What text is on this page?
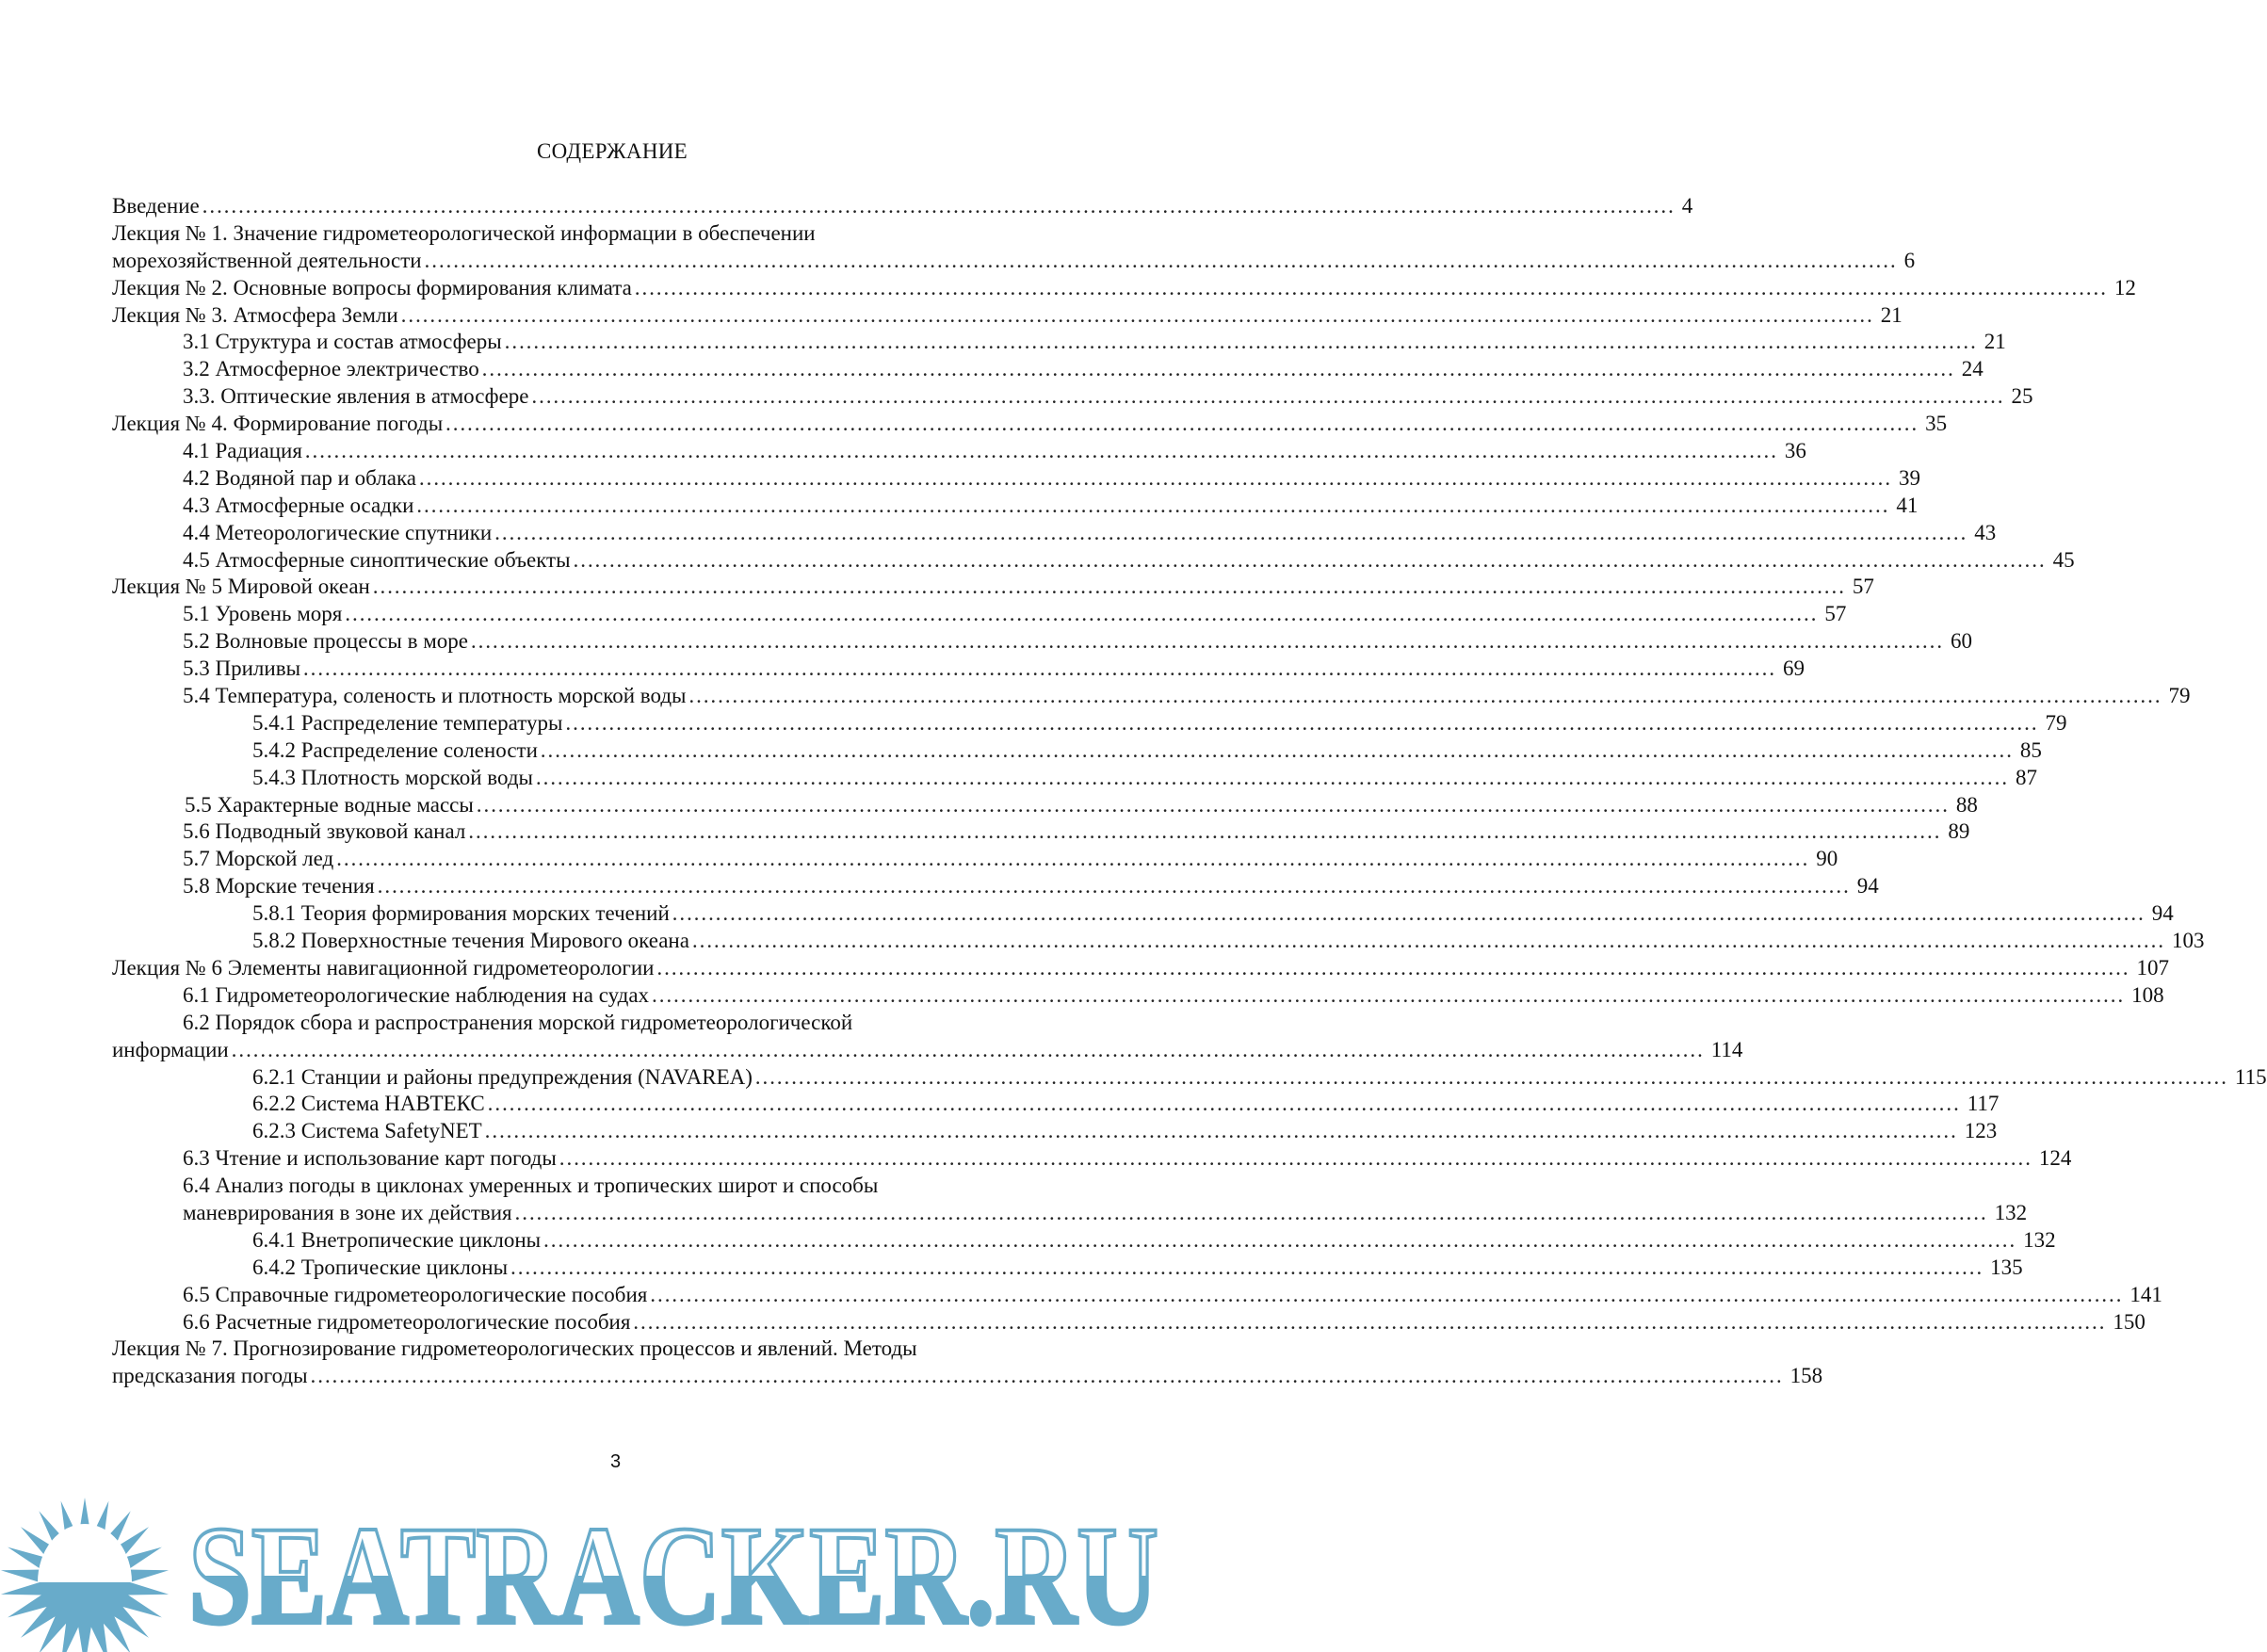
СОДЕРЖАНИЕ
Введение ……………………………………………………………………………………………………………………………………………………………………………………	4
Лекция № 1. Значение гидрометеорологической информации в обеспечении
морехозяйственной деятельности ……………………………………………………………………………………………………………………………………………………………………………………	6
Лекция № 2. Основные вопросы формирования климата ……………………………………………………………………………………………………………………………………………………………………………………	12
Лекция № 3. Атмосфера Земли ……………………………………………………………………………………………………………………………………………………………………………………	21
3.1 Структура и состав атмосферы ……………………………………………………………………………………………………………………………………………………………………………………	21
3.2 Атмосферное электричество ……………………………………………………………………………………………………………………………………………………………………………………	24
3.3. Оптические явления в атмосфере ……………………………………………………………………………………………………………………………………………………………………………………	25
Лекция № 4. Формирование погоды ……………………………………………………………………………………………………………………………………………………………………………………	35
4.1 Радиация ……………………………………………………………………………………………………………………………………………………………………………………	36
4.2 Водяной пар и облака ……………………………………………………………………………………………………………………………………………………………………………………	39
4.3 Атмосферные осадки ……………………………………………………………………………………………………………………………………………………………………………………	41
4.4 Метеорологические спутники ……………………………………………………………………………………………………………………………………………………………………………………	43
4.5 Атмосферные синоптические объекты ……………………………………………………………………………………………………………………………………………………………………………………	45
Лекция № 5 Мировой океан ……………………………………………………………………………………………………………………………………………………………………………………	57
5.1 Уровень моря ……………………………………………………………………………………………………………………………………………………………………………………	57
5.2 Волновые процессы в море ……………………………………………………………………………………………………………………………………………………………………………………	60
5.3 Приливы ……………………………………………………………………………………………………………………………………………………………………………………	69
5.4 Температура, соленость и плотность морской воды ……………………………………………………………………………………………………………………………………………………………………………………	79
5.4.1 Распределение температуры ……………………………………………………………………………………………………………………………………………………………………………………	79
5.4.2 Распределение солености ……………………………………………………………………………………………………………………………………………………………………………………	85
5.4.3 Плотность морской воды ……………………………………………………………………………………………………………………………………………………………………………………	87
5.5 Характерные водные массы ……………………………………………………………………………………………………………………………………………………………………………………	88
5.6 Подводный звуковой канал ……………………………………………………………………………………………………………………………………………………………………………………	89
5.7 Морской лед ……………………………………………………………………………………………………………………………………………………………………………………	90
5.8 Морские течения ……………………………………………………………………………………………………………………………………………………………………………………	94
5.8.1 Теория формирования морских течений ……………………………………………………………………………………………………………………………………………………………………………………	94
5.8.2 Поверхностные течения Мирового океана ……………………………………………………………………………………………………………………………………………………………………………………	103
Лекция № 6 Элементы навигационной гидрометеорологии ……………………………………………………………………………………………………………………………………………………………………………………	107
6.1 Гидрометеорологические наблюдения на судах ……………………………………………………………………………………………………………………………………………………………………………………	108
6.2 Порядок сбора и распространения морской гидрометеорологической
информации ……………………………………………………………………………………………………………………………………………………………………………………	114
6.2.1 Станции и районы предупреждения (NAVAREA) ……………………………………………………………………………………………………………………………………………………………………………………	115
6.2.2 Система НАВТЕКС ……………………………………………………………………………………………………………………………………………………………………………………	117
6.2.3 Система SafetyNET ……………………………………………………………………………………………………………………………………………………………………………………	123
6.3 Чтение и использование карт погоды ……………………………………………………………………………………………………………………………………………………………………………………	124
6.4 Анализ погоды в циклонах умеренных и тропических широт и способы
маневрирования в зоне их действия ……………………………………………………………………………………………………………………………………………………………………………………	132
6.4.1 Внетропические циклоны ……………………………………………………………………………………………………………………………………………………………………………………	132
6.4.2 Тропические циклоны ……………………………………………………………………………………………………………………………………………………………………………………	135
6.5 Справочные гидрометеорологические пособия ……………………………………………………………………………………………………………………………………………………………………………………	141
6.6 Расчетные гидрометеорологические пособия ……………………………………………………………………………………………………………………………………………………………………………………	150
Лекция № 7. Прогнозирование гидрометеорологических процессов и явлений. Методы
предсказания погоды ……………………………………………………………………………………………………………………………………………………………………………………	158
SEATRACKER.RU
3
